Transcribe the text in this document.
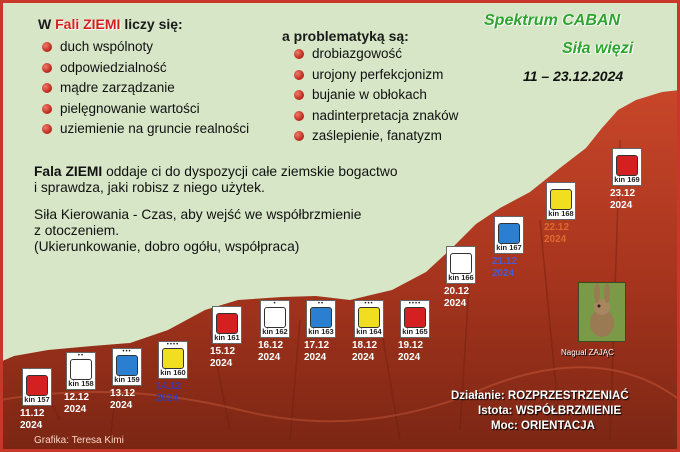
W Fali ZIEMI liczy się:
duch wspólnoty
odpowiedzialność
mądre zarządzanie
pielęgnowanie wartości
uziemienie na gruncie realności
a problematyką są:
drobiazgowość
urojony perfekcjonizm
bujanie w obłokach
nadinterpretacja znaków
zaślepienie, fanatyzm
Spektrum CABAN
Siła więzi
11 – 23.12.2024
Fala ZIEMI oddaje ci do dyspozycji całe ziemskie bogactwo
i sprawdza, jaki robisz z niego użytek.
Siła Kierowania - Czas, aby wejść we współbrzmienie
z otoczeniem.
(Ukierunkowanie, dobro ogółu, współpraca)
kin 157
11.12
2024
••
kin 158
12.12
2024
•••
kin 159
13.12
2024
••••
kin 160
14.12
2024
kin 161
15.12
2024
•
kin 162
16.12
2024
••
kin 163
17.12
2024
•••
kin 164
18.12
2024
••••
kin 165
19.12
2024
kin 166
20.12
2024
kin 167
21.12
2024
kin 168
22.12
2024
kin 169
23.12
2024
Nagual ZAJĄC
Działanie: ROZPRZESTRZENIAĆ
Istota: WSPÓŁBRZMIENIE
Moc: ORIENTACJA
Grafika: Teresa Kimi
